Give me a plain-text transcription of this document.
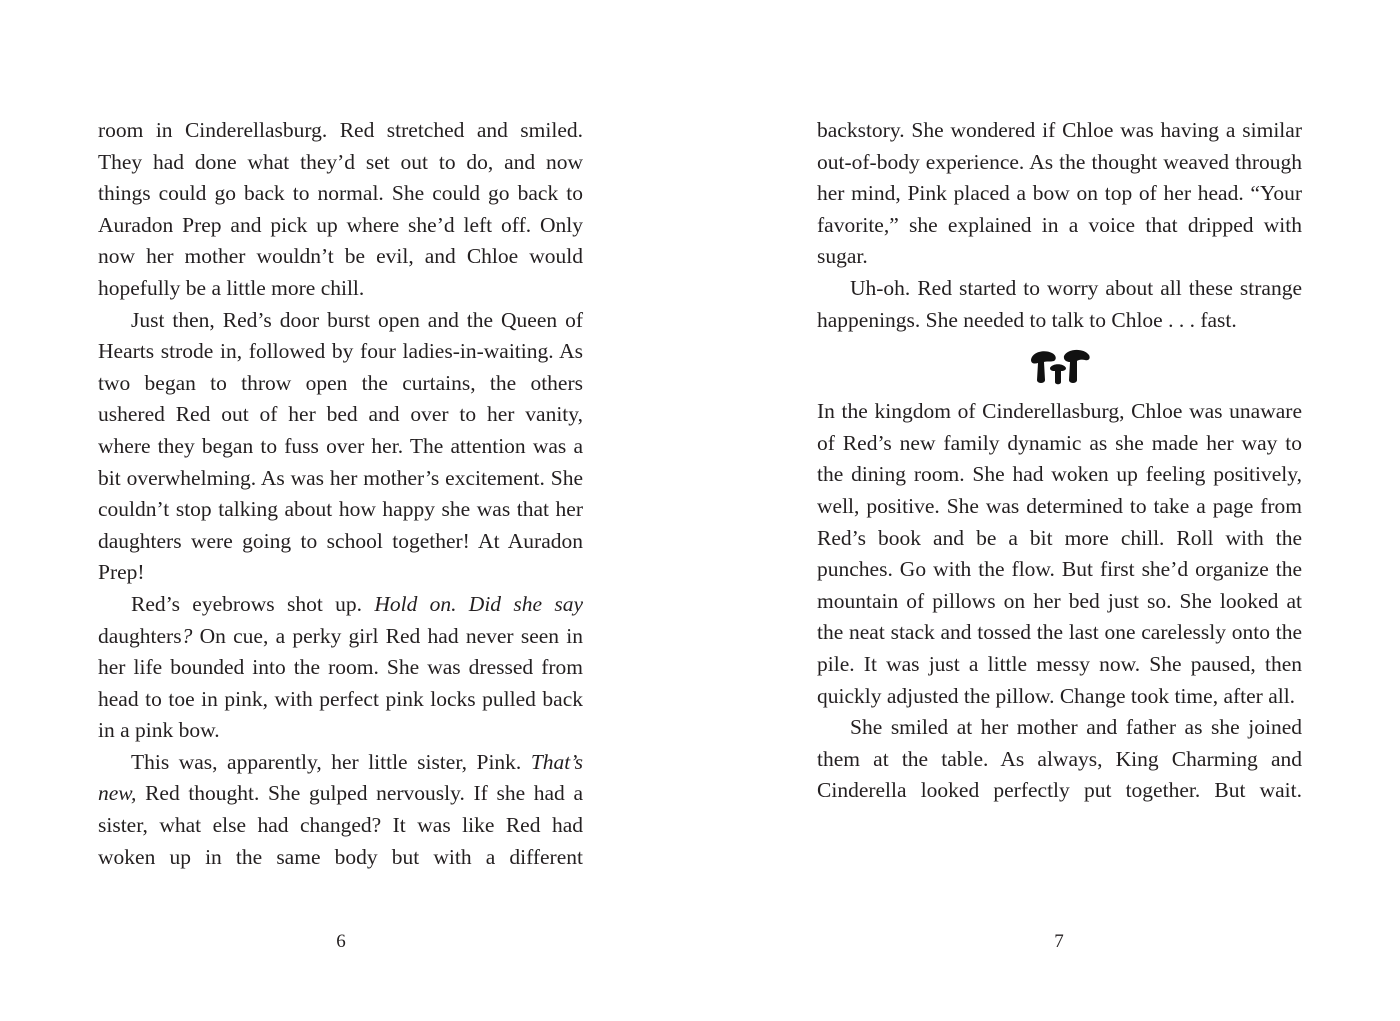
room in Cinderellasburg. Red stretched and smiled. They had done what they’d set out to do, and now things could go back to normal. She could go back to Auradon Prep and pick up where she’d left off. Only now her mother wouldn’t be evil, and Chloe would hopefully be a little more chill.

Just then, Red’s door burst open and the Queen of Hearts strode in, followed by four ladies-in-waiting. As two began to throw open the curtains, the others ushered Red out of her bed and over to her vanity, where they began to fuss over her. The attention was a bit overwhelming. As was her mother’s excitement. She couldn’t stop talking about how happy she was that her daughters were going to school together! At Auradon Prep!

Red’s eyebrows shot up. Hold on. Did she say daughters? On cue, a perky girl Red had never seen in her life bounded into the room. She was dressed from head to toe in pink, with perfect pink locks pulled back in a pink bow.

This was, apparently, her little sister, Pink. That’s new, Red thought. She gulped nervously. If she had a sister, what else had changed? It was like Red had woken up in the same body but with a different

6

backstory. She wondered if Chloe was having a similar out-of-body experience. As the thought weaved through her mind, Pink placed a bow on top of her head. “Your favorite,” she explained in a voice that dripped with sugar.

Uh-oh. Red started to worry about all these strange happenings. She needed to talk to Chloe . . . fast.

In the kingdom of Cinderellasburg, Chloe was unaware of Red’s new family dynamic as she made her way to the dining room. She had woken up feeling positively, well, positive. She was determined to take a page from Red’s book and be a bit more chill. Roll with the punches. Go with the flow. But first she’d organize the mountain of pillows on her bed just so. She looked at the neat stack and tossed the last one carelessly onto the pile. It was just a little messy now. She paused, then quickly adjusted the pillow. Change took time, after all.

She smiled at her mother and father as she joined them at the table. As always, King Charming and Cinderella looked perfectly put together. But wait.

7
